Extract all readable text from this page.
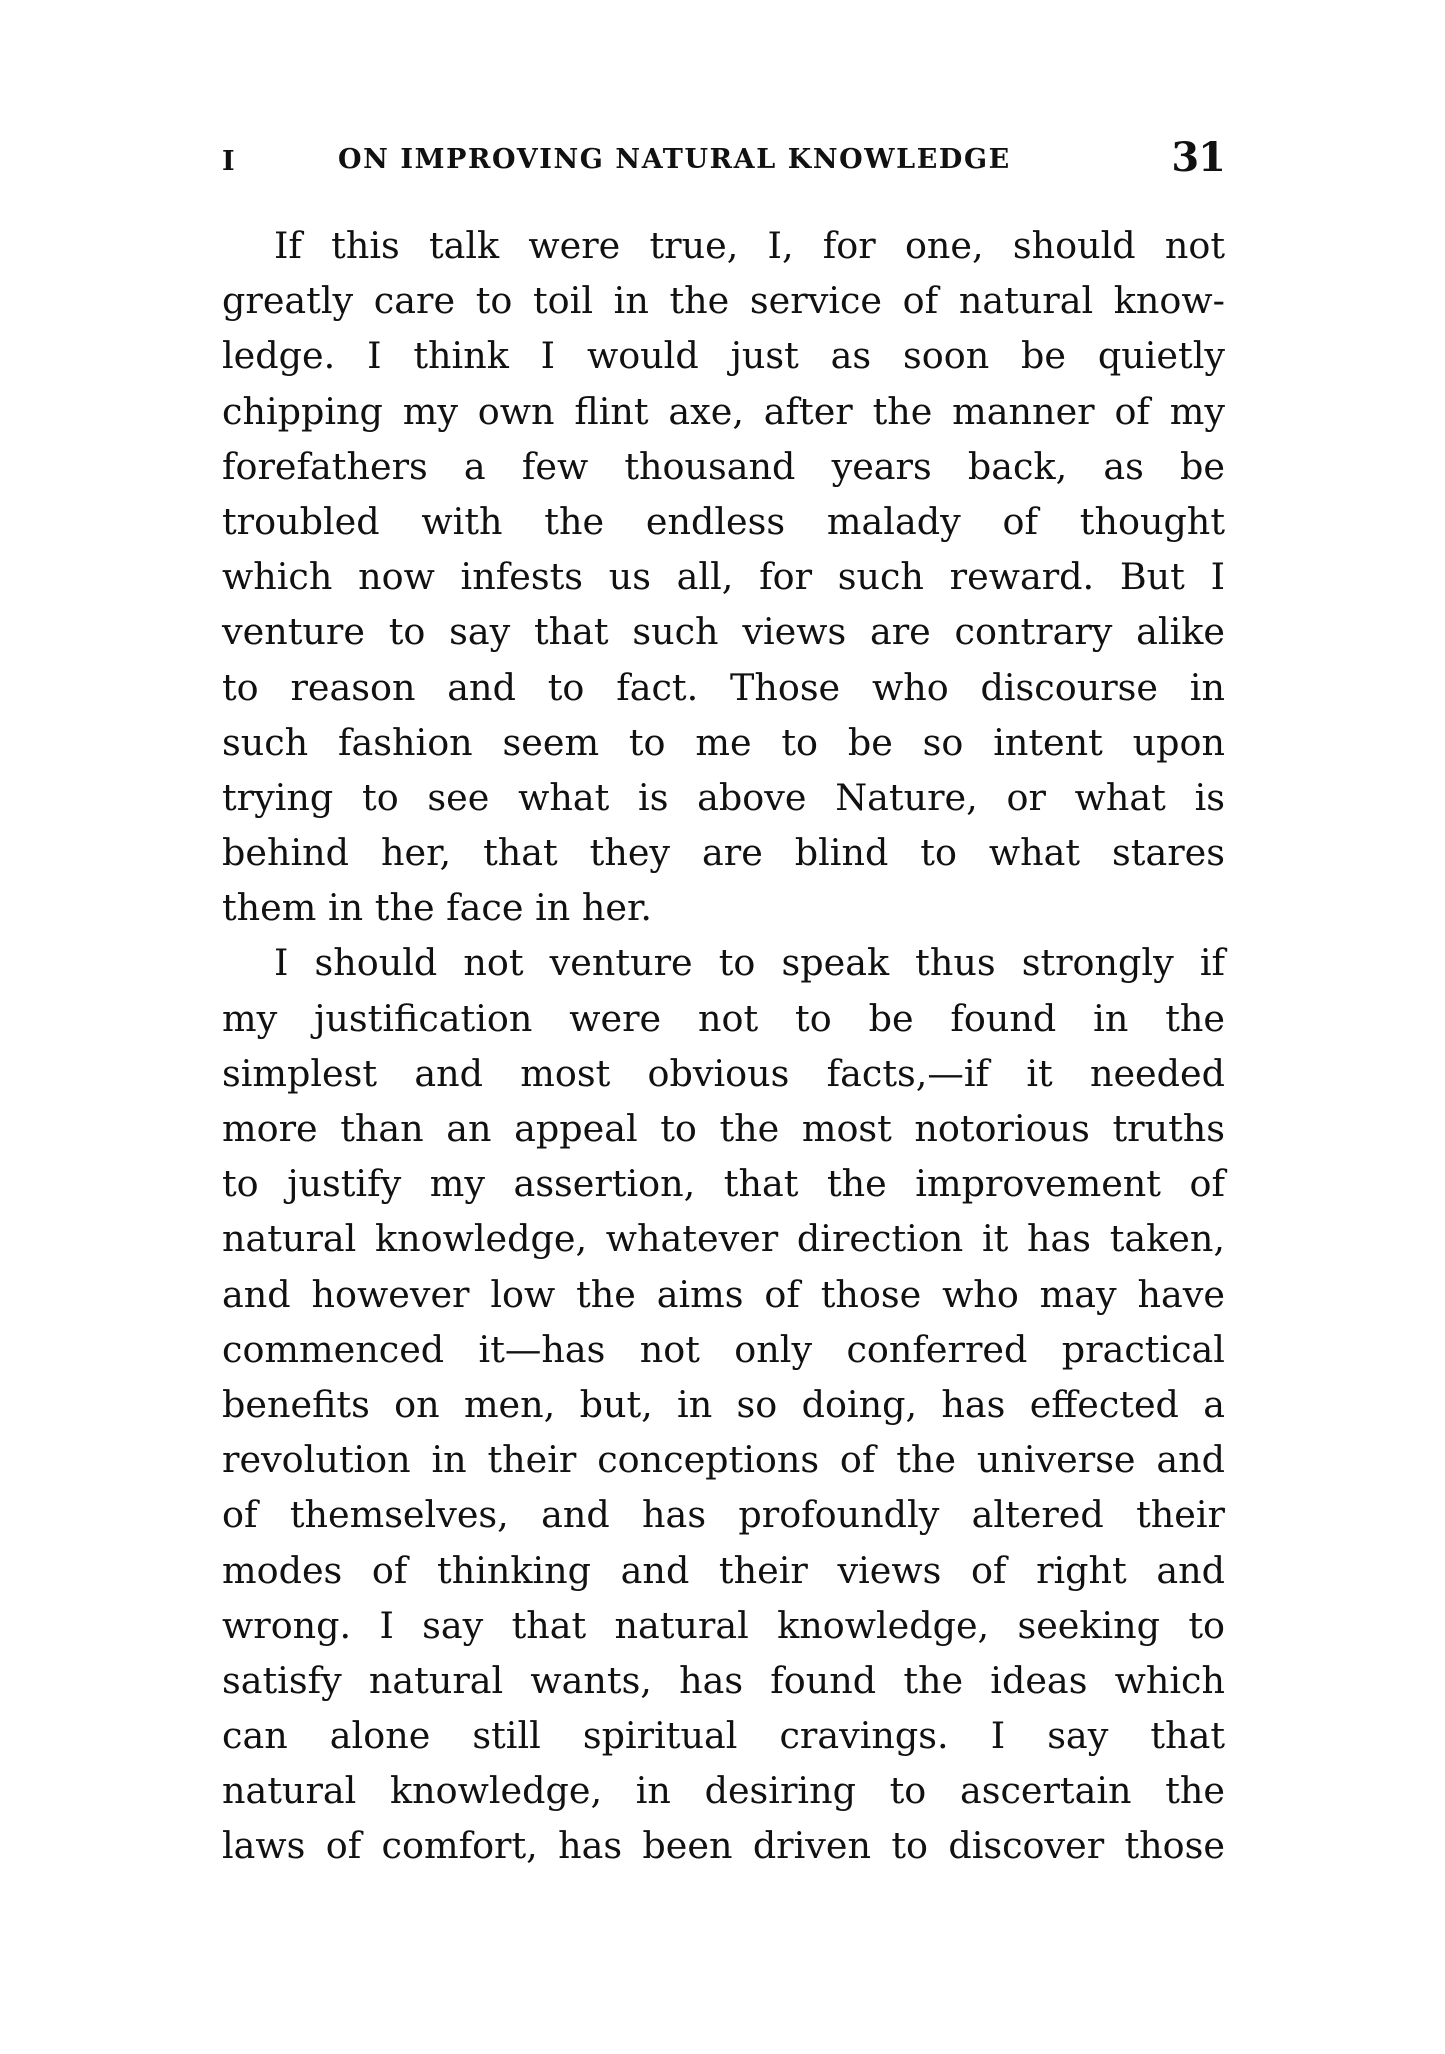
I	ON IMPROVING NATURAL KNOWLEDGE	31
If this talk were true, I, for one, should not
greatly care to toil in the service of natural know-
ledge. I think I would just as soon be quietly
chipping my own flint axe, after the manner of my
forefathers a few thousand years back, as be
troubled with the endless malady of thought
which now infests us all, for such reward. But I
venture to say that such views are contrary alike
to reason and to fact. Those who discourse in
such fashion seem to me to be so intent upon
trying to see what is above Nature, or what is
behind her, that they are blind to what stares
them in the face in her.
I should not venture to speak thus strongly if
my justification were not to be found in the
simplest and most obvious facts,—if it needed
more than an appeal to the most notorious truths
to justify my assertion, that the improvement of
natural knowledge, whatever direction it has taken,
and however low the aims of those who may have
commenced it—has not only conferred practical
benefits on men, but, in so doing, has effected a
revolution in their conceptions of the universe and
of themselves, and has profoundly altered their
modes of thinking and their views of right and
wrong. I say that natural knowledge, seeking to
satisfy natural wants, has found the ideas which
can alone still spiritual cravings. I say that
natural knowledge, in desiring to ascertain the
laws of comfort, has been driven to discover those
